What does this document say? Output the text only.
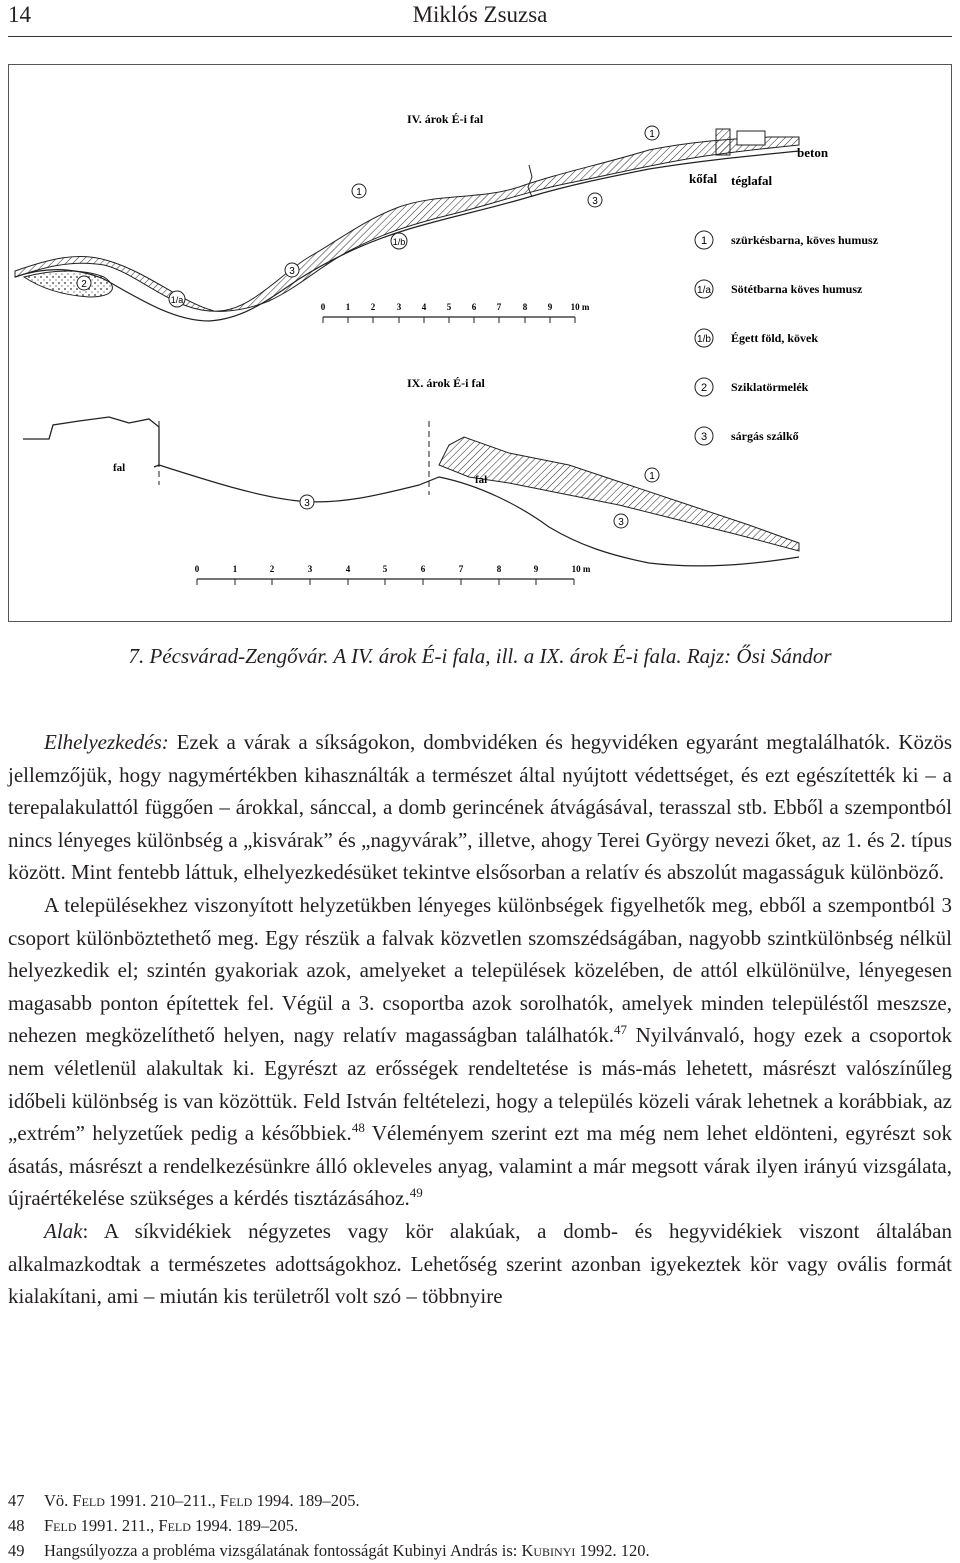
14	Miklós Zsuzsa
IV. árok É-i fal
kőfal téglafal
beton
1
1
1/b
1/a
2
3
3
0 1 2 3 4 5 6 7 8 9 10 m
1 szürkésbarna, köves humusz
1/a Sötétbarna köves humusz
1/b Égett föld, kövek
2 Sziklatörmelék
3 sárgás szálkő
IX. árok É-i fal
fal
fal	1
3
3
0	1	2	3	4	5	6	7	8	9	10 m
7. Pécsvárad-Zengővár. A IV. árok É-i fala, ill. a IX. árok É-i fala. Rajz: Ősi Sándor

Elhelyezkedés: Ezek a várak a síkságokon, dombvidéken és hegyvidéken egyaránt megtalálhatók. Közös jellemzőjük, hogy nagymértékben kihasználták a természet által nyújtott védettséget, és ezt egészítették ki – a terepalakulattól függően – árokkal, sánccal, a domb gerincének átvágásával, terasszal stb. Ebből a szempontból nincs lényeges különbség a „kisvárak” és „nagyvárak”, illetve, ahogy Terei György nevezi őket, az 1. és 2. típus között. Mint fentebb láttuk, elhelyezkedésüket tekintve elsősorban a relatív és abszolút magasságuk különböző.

A településekhez viszonyított helyzetükben lényeges különbségek figyelhetők meg, ebből a szempontból 3 csoport különböztethető meg. Egy részük a falvak közvetlen szomszédságában, nagyobb szintkülönbség nélkül helyezkedik el; szintén gyakoriak azok, amelyeket a települések közelében, de attól elkülönülve, lényegesen magasabb ponton építettek fel. Végül a 3. csoportba azok sorolhatók, amelyek minden településtől meszsze, nehezen megközelíthető helyen, nagy relatív magasságban találhatók.$^{47}$ Nyilvánvaló, hogy ezek a csoportok nem véletlenül alakultak ki. Egyrészt az erősségek rendeltetése is más-más lehetett, másrészt valószínűleg időbeli különbség is van közöttük. Feld István feltételezi, hogy a település közeli várak lehetnek a korábbiak, az „extrém” helyzetűek pedig a későbbiek.$^{48}$ Véleményem szerint ezt ma még nem lehet eldönteni, egyrészt sok ásatás, másrészt a rendelkezésünkre álló okleveles anyag, valamint a már megsott várak ilyen irányú vizsgálata, újraértékelése szükséges a kérdés tisztázásához.$^{49}$

Alak: A síkvidékiek négyzetes vagy kör alakúak, a domb- és hegyvidékiek viszont általában alkalmazkodtak a természetes adottságokhoz. Lehetőség szerint azonban igyekeztek kör vagy ovális formát kialakítani, ami – miután kis területről volt szó – többnyire

47 Vö. Feld 1991. 210–211., Feld 1994. 189–205.
48 Feld 1991. 211., Feld 1994. 189–205.
49 Hangsúlyozza a probléma vizsgálatának fontosságát Kubinyi András is: Kubinyi 1992. 120.
